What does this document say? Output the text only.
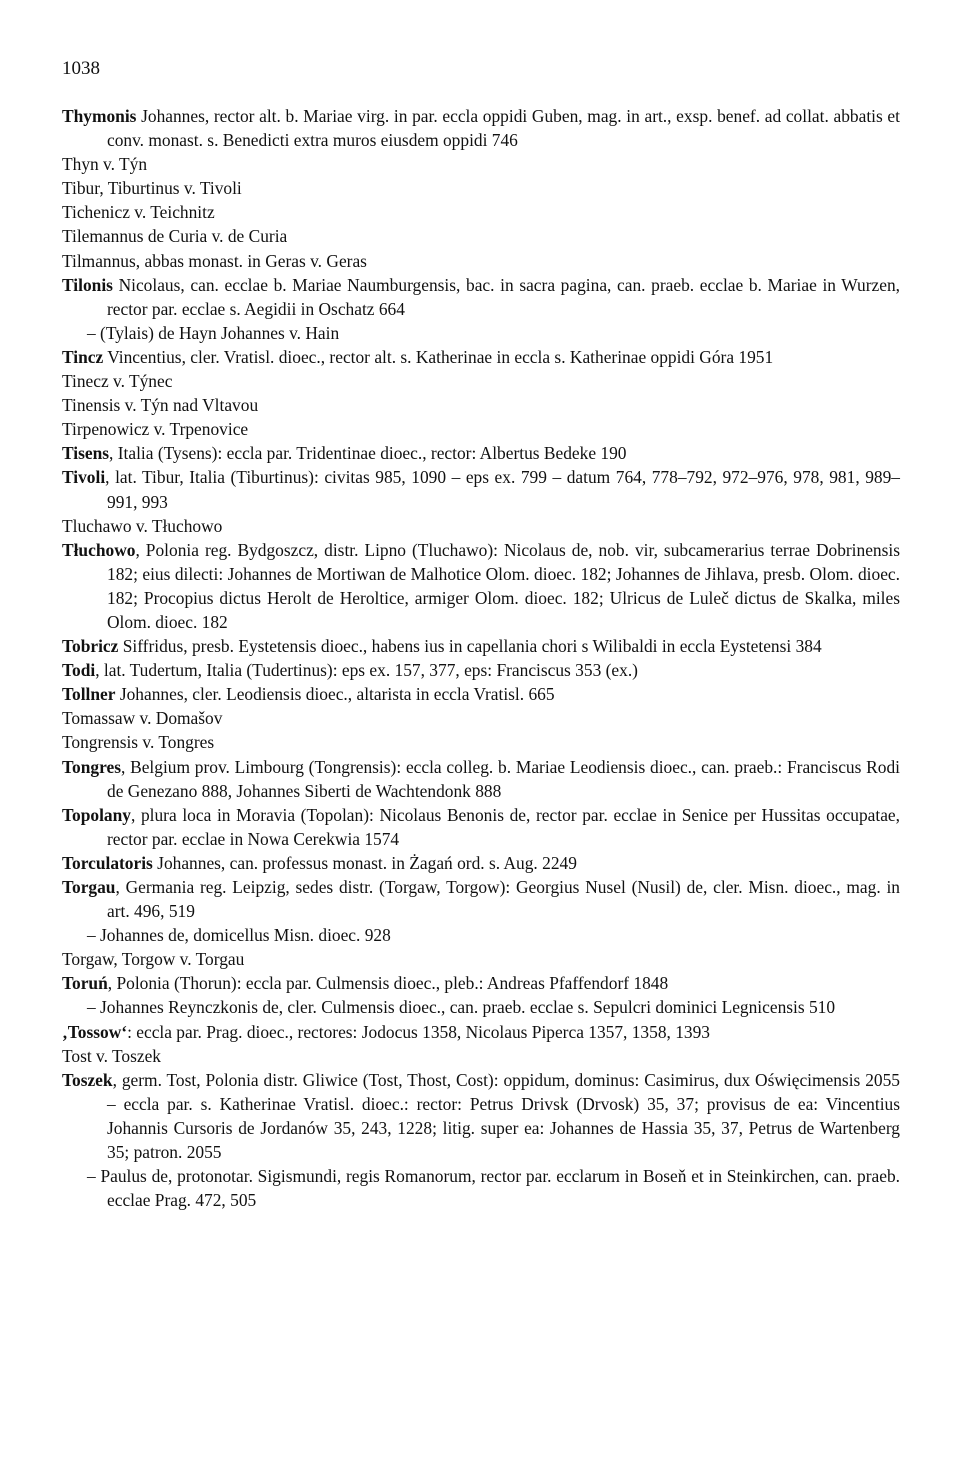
1038

Thymonis Johannes, rector alt. b. Mariae virg. in par. eccla oppidi Guben, mag. in art., exsp. benef. ad collat. abbatis et conv. monast. s. Benedicti extra muros eiusdem oppidi 746

Thyn v. Týn

Tibur, Tiburtinus v. Tivoli

Tichenicz v. Teichnitz

Tilemannus de Curia v. de Curia

Tilmannus, abbas monast. in Geras v. Geras

Tilonis Nicolaus, can. ecclae b. Mariae Naumburgensis, bac. in sacra pagina, can. praeb. ecclae b. Mariae in Wurzen, rector par. ecclae s. Aegidii in Oschatz 664

– (Tylais) de Hayn Johannes v. Hain

Tincz Vincentius, cler. Vratisl. dioec., rector alt. s. Katherinae in eccla s. Katherinae oppidi Góra 1951

Tinecz v. Týnec

Tinensis v. Týn nad Vltavou

Tirpenowicz v. Trpenovice

Tisens, Italia (Tysens): eccla par. Tridentinae dioec., rector: Albertus Bedeke 190

Tivoli, lat. Tibur, Italia (Tiburtinus): civitas 985, 1090 – eps ex. 799 – datum 764, 778–792, 972–976, 978, 981, 989–991, 993

Tluchawo v. Tłuchowo

Tłuchowo, Polonia reg. Bydgoszcz, distr. Lipno (Tluchawo): Nicolaus de, nob. vir, subcamerarius terrae Dobrinensis 182; eius dilecti: Johannes de Mortiwan de Malhotice Olom. dioec. 182; Johannes de Jihlava, presb. Olom. dioec. 182; Procopius dictus Herolt de Heroltice, armiger Olom. dioec. 182; Ulricus de Luleč dictus de Skalka, miles Olom. dioec. 182

Tobricz Siffridus, presb. Eystetensis dioec., habens ius in capellania chori s Wilibaldi in eccla Eystetensi 384

Todi, lat. Tudertum, Italia (Tudertinus): eps ex. 157, 377, eps: Franciscus 353 (ex.)

Tollner Johannes, cler. Leodiensis dioec., altarista in eccla Vratisl. 665

Tomassaw v. Domašov

Tongrensis v. Tongres

Tongres, Belgium prov. Limbourg (Tongrensis): eccla colleg. b. Mariae Leodiensis dioec., can. praeb.: Franciscus Rodi de Genezano 888, Johannes Siberti de Wachtendonk 888

Topolany, plura loca in Moravia (Topolan): Nicolaus Benonis de, rector par. ecclae in Senice per Hussitas occupatae, rector par. ecclae in Nowa Cerekwia 1574

Torculatoris Johannes, can. professus monast. in Żagań ord. s. Aug. 2249

Torgau, Germania reg. Leipzig, sedes distr. (Torgaw, Torgow): Georgius Nusel (Nusil) de, cler. Misn. dioec., mag. in art. 496, 519

– Johannes de, domicellus Misn. dioec. 928

Torgaw, Torgow v. Torgau

Toruń, Polonia (Thorun): eccla par. Culmensis dioec., pleb.: Andreas Pfaffendorf 1848

– Johannes Reynczkonis de, cler. Culmensis dioec., can. praeb. ecclae s. Sepulcri dominici Legnicensis 510

‚Tossow‘: eccla par. Prag. dioec., rectores: Jodocus 1358, Nicolaus Piperca 1357, 1358, 1393

Tost v. Toszek

Toszek, germ. Tost, Polonia distr. Gliwice (Tost, Thost, Cost): oppidum, dominus: Casimirus, dux Oświęcimensis 2055 – eccla par. s. Katherinae Vratisl. dioec.: rector: Petrus Drivsk (Drvosk) 35, 37; provisus de ea: Vincentius Johannis Cursoris de Jordanów 35, 243, 1228; litig. super ea: Johannes de Hassia 35, 37, Petrus de Wartenberg 35; patron. 2055

– Paulus de, protonotar. Sigismundi, regis Romanorum, rector par. ecclarum in Boseň et in Steinkirchen, can. praeb. ecclae Prag. 472, 505
